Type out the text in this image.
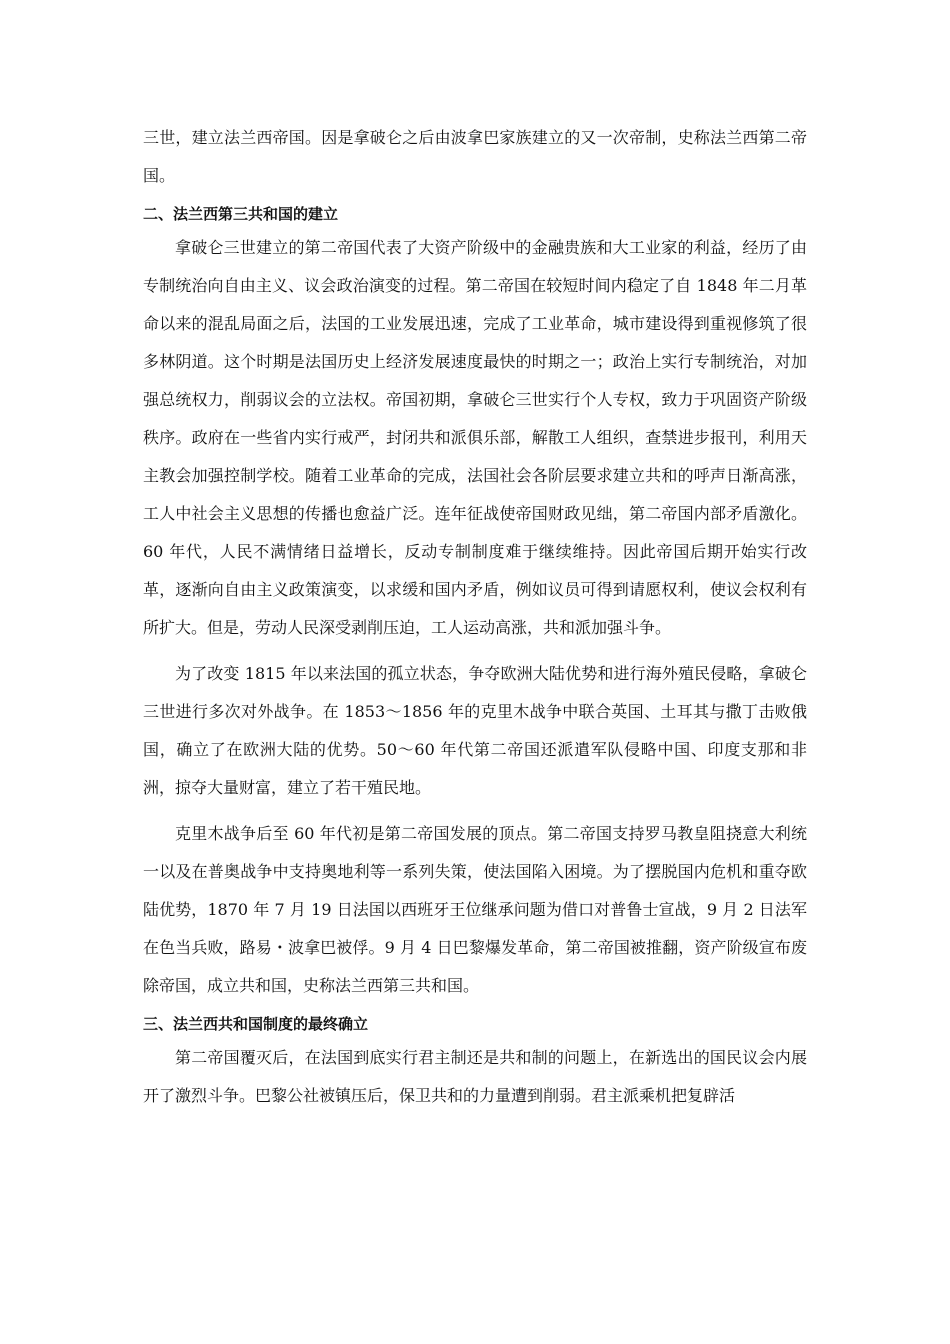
三世，建立法兰西帝国。因是拿破仑之后由波拿巴家族建立的又一次帝制，史称法兰西第二帝国。

二、法兰西第三共和国的建立

拿破仑三世建立的第二帝国代表了大资产阶级中的金融贵族和大工业家的利益，经历了由专制统治向自由主义、议会政治演变的过程。第二帝国在较短时间内稳定了自 1848 年二月革命以来的混乱局面之后，法国的工业发展迅速，完成了工业革命，城市建设得到重视修筑了很多林阴道。这个时期是法国历史上经济发展速度最快的时期之一；政治上实行专制统治，对加强总统权力，削弱议会的立法权。帝国初期，拿破仑三世实行个人专权，致力于巩固资产阶级秩序。政府在一些省内实行戒严，封闭共和派俱乐部，解散工人组织，查禁进步报刊，利用天主教会加强控制学校。随着工业革命的完成，法国社会各阶层要求建立共和的呼声日渐高涨，工人中社会主义思想的传播也愈益广泛。连年征战使帝国财政见绌，第二帝国内部矛盾激化。60 年代，人民不满情绪日益增长，反动专制制度难于继续维持。因此帝国后期开始实行改革，逐渐向自由主义政策演变，以求缓和国内矛盾，例如议员可得到请愿权利，使议会权利有所扩大。但是，劳动人民深受剥削压迫，工人运动高涨，共和派加强斗争。

为了改变 1815 年以来法国的孤立状态，争夺欧洲大陆优势和进行海外殖民侵略，拿破仑三世进行多次对外战争。在 1853～1856 年的克里木战争中联合英国、土耳其与撒丁击败俄国，确立了在欧洲大陆的优势。50～60 年代第二帝国还派遣军队侵略中国、印度支那和非洲，掠夺大量财富，建立了若干殖民地。

克里木战争后至 60 年代初是第二帝国发展的顶点。第二帝国支持罗马教皇阻挠意大利统一以及在普奥战争中支持奥地利等一系列失策，使法国陷入困境。为了摆脱国内危机和重夺欧陆优势，1870 年 7 月 19 日法国以西班牙王位继承问题为借口对普鲁士宣战，9 月 2 日法军在色当兵败，路易・波拿巴被俘。9 月 4 日巴黎爆发革命，第二帝国被推翻，资产阶级宣布废除帝国，成立共和国，史称法兰西第三共和国。

三、法兰西共和国制度的最终确立

第二帝国覆灭后，在法国到底实行君主制还是共和制的问题上，在新选出的国民议会内展开了激烈斗争。巴黎公社被镇压后，保卫共和的力量遭到削弱。君主派乘机把复辟活
